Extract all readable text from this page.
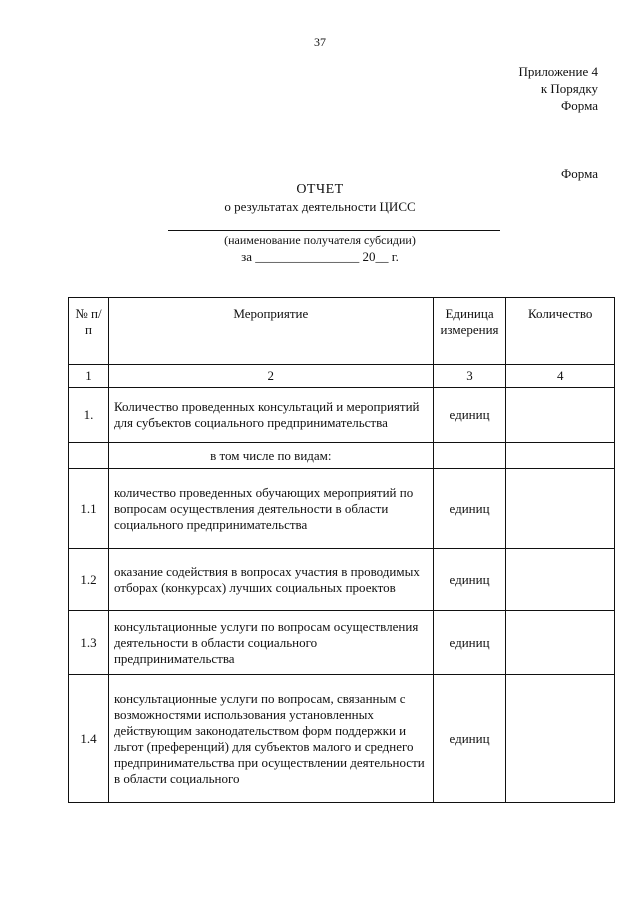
37
Приложение 4
к Порядку
Форма
Форма
ОТЧЕТ
о результатах деятельности ЦИСС
(наименование получателя субсидии)
за ________________ 20__ г.
№ п/п	Мероприятие	Единица измерения	Количество
1	2	3	4
1.	Количество проведенных консультаций и мероприятий для субъектов социального предпринимательства	единиц	
	в том числе по видам:		
1.1	количество проведенных обучающих мероприятий по вопросам осуществления деятельности в области социального предпринимательства	единиц	
1.2	оказание содействия в вопросах участия в проводимых отборах (конкурсах) лучших социальных проектов	единиц	
1.3	консультационные услуги по вопросам осуществления деятельности в области социального предпринимательства	единиц	
1.4	консультационные услуги по вопросам, связанным с возможностями использования установленных действующим законодательством форм поддержки и льгот (преференций) для субъектов малого и среднего предпринимательства при осуществлении деятельности в области социального	единиц	
